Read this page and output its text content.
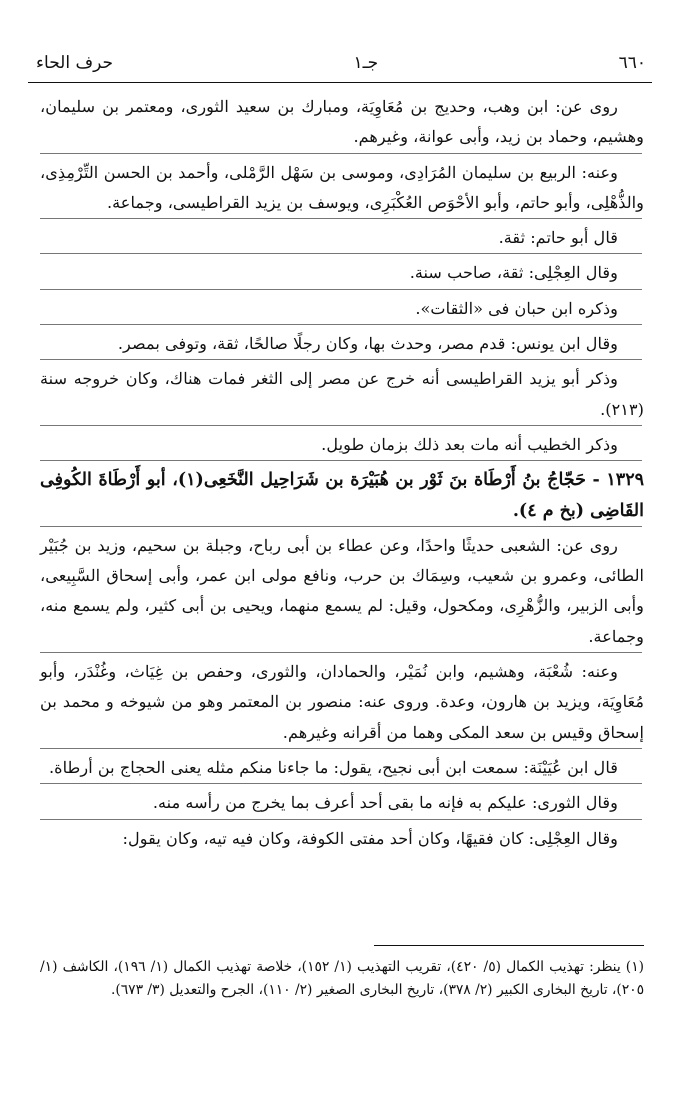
٦٦٠
جـ١
حرف الحاء

روى عن: ابن وهب، وحديج بن مُعَاوِيَة، ومبارك بن سعيد الثورى، ومعتمر بن سليمان، وهشيم، وحماد بن زيد، وأبى عوانة، وغيرهم.

وعنه: الربيع بن سليمان المُرَادِى، وموسى بن سَهْل الرَّمْلى، وأحمد بن الحسن التِّرْمِذِى، والذُّهْلِى، وأبو حاتم، وأبو الأحْوَص العُكْبَرِى، ويوسف بن يزيد القراطيسى، وجماعة.

قال أبو حاتم: ثقة.

وقال العِجْلِى: ثقة، صاحب سنة.

وذكره ابن حبان فى «الثقات».

وقال ابن يونس: قدم مصر، وحدث بها، وكان رجلًا صالحًا، ثقة، وتوفى بمصر.

وذكر أبو يزيد القراطيسى أنه خرج عن مصر إلى الثغر فمات هناك، وكان خروجه سنة (٢١٣).

وذكر الخطيب أنه مات بعد ذلك بزمان طويل.

١٣٢٩ - حَجّاجُ بنُ أَرْطَاة بنَ ثَوْر بن هُبَيْرَة بن شَرَاحِيل النَّخَعِى(١)، أبو أَرْطَاةَ الكُوفِى القَاضِى (بخ م ٤).

روى عن: الشعبى حديثًا واحدًا، وعن عطاء بن أبى رباح، وجبلة بن سحيم، وزيد بن جُبَيْر الطائى، وعمرو بن شعيب، وسِمَاك بن حرب، ونافع مولى ابن عمر، وأبى إسحاق السَّبِيعى، وأبى الزبير، والزُّهْرِى، ومكحول، وقيل: لم يسمع منهما، ويحيى بن أبى كثير، ولم يسمع منه، وجماعة.

وعنه: شُعْبَة، وهشيم، وابن نُمَيْر، والحمادان، والثورى، وحفص بن غِيَاث، وغُنْدَر، وأبو مُعَاوِيَة، ويزيد بن هارون، وعدة. وروى عنه: منصور بن المعتمر وهو من شيوخه و محمد بن إسحاق وقيس بن سعد المكى وهما من أقرانه وغيرهم.

قال ابن عُيَيْنَة: سمعت ابن أبى نجيح، يقول: ما جاءنا منكم مثله يعنى الحجاج بن أرطاة.

وقال الثورى: عليكم به فإنه ما بقى أحد أعرف بما يخرج من رأسه منه.

وقال العِجْلِى: كان فقيهًا، وكان أحد مفتى الكوفة، وكان فيه تيه، وكان يقول:

(١) ينظر: تهذيب الكمال (٥/ ٤٢٠)، تقريب التهذيب (١/ ١٥٢)، خلاصة تهذيب الكمال (١/ ١٩٦)، الكاشف (١/ ٢٠٥)، تاريخ البخارى الكبير (٢/ ٣٧٨)، تاريخ البخارى الصغير (٢/ ١١٠)، الجرح والتعديل (٣/ ٦٧٣).
